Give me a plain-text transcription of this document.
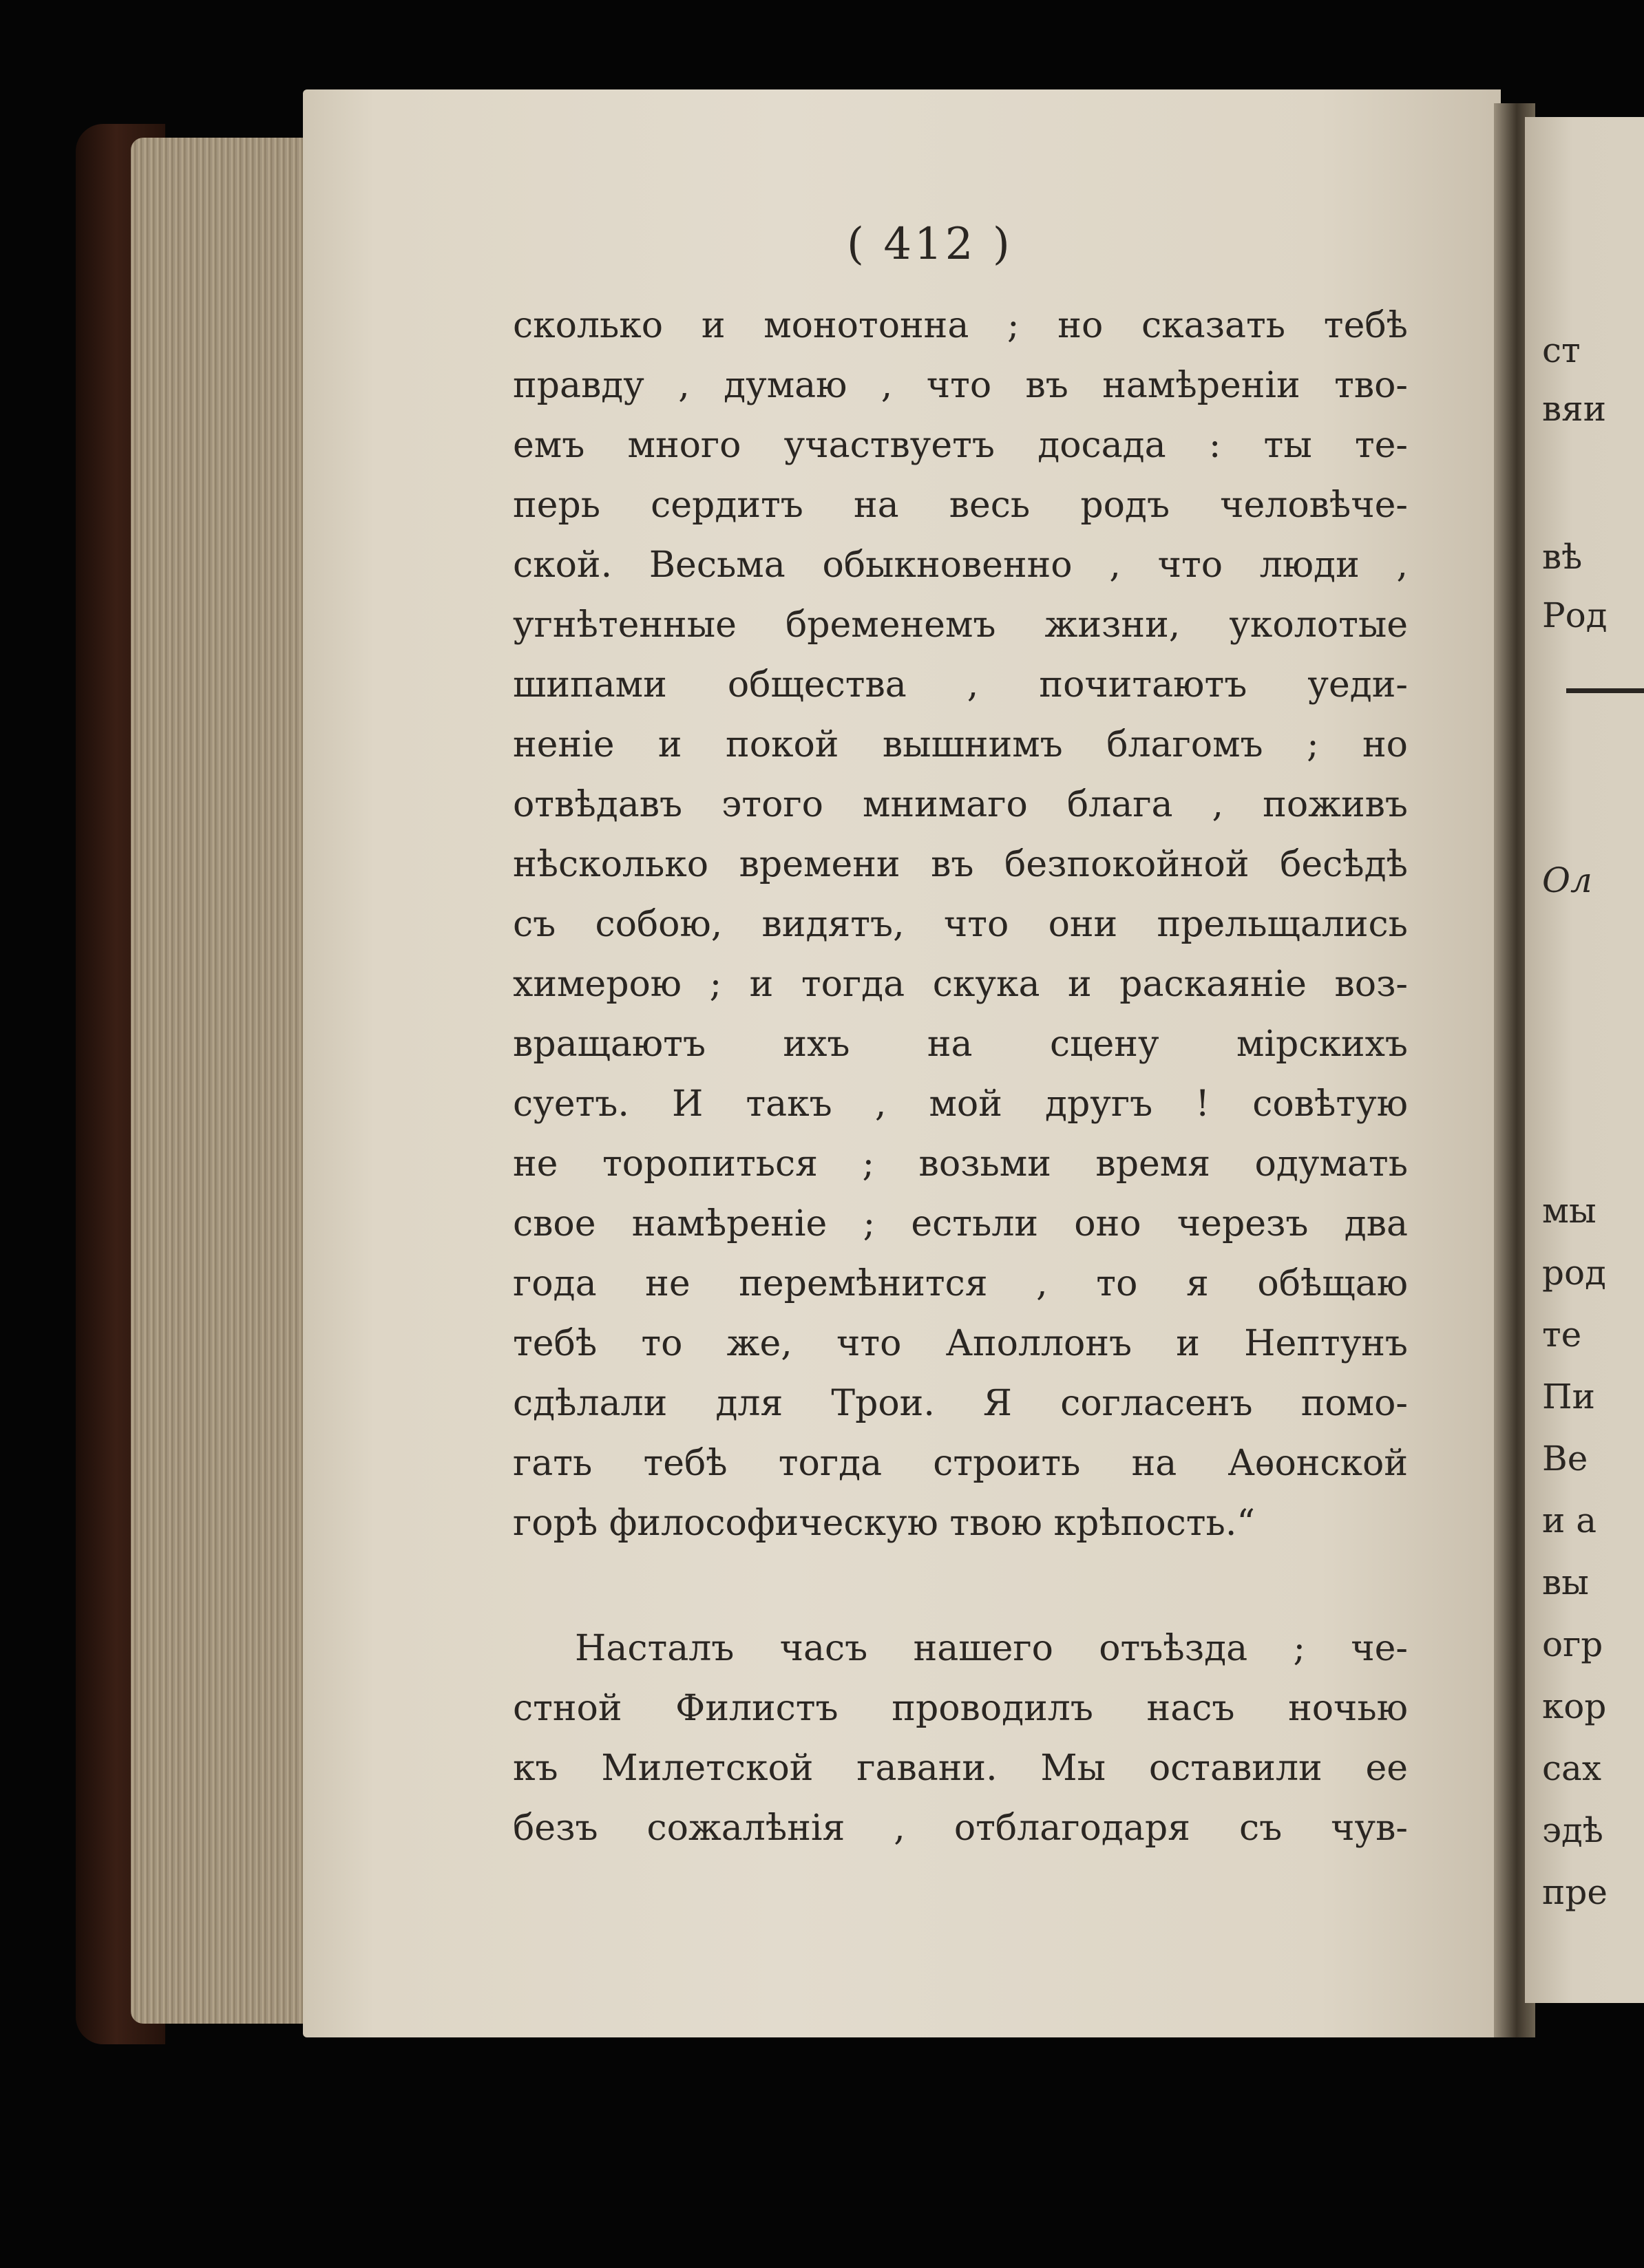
( 412 )
сколько и монотонна ; но сказать тебѣ
правду , думаю , что въ намѣреніи тво-
емъ много участвуетъ досада : ты те-
перь сердитъ на весь родъ человѣче-
ской. Весьма обыкновенно , что люди ,
угнѣтенные бременемъ жизни, уколотые
шипами общества , почитаютъ уеди-
неніе и покой вышнимъ благомъ ; но
отвѣдавъ этого мнимаго блага , поживъ
нѣсколько времени въ безпокойной бесѣдѣ
съ собою, видятъ, что они прельщались
химерою ; и тогда скука и раскаяніе воз-
вращаютъ ихъ на сцену мірскихъ
суетъ. И такъ , мой другъ ! совѣтую
не торопиться ; возьми время одумать
свое намѣреніе ; естьли оно черезъ два
года не перемѣнится , то я обѣщаю
тебѣ то же, что Аполлонъ и Нептунъ
сдѣлали для Трои. Я согласенъ помо-
гать тебѣ тогда строить на Аѳонской
горѣ философическую твою крѣпость.“
Насталъ часъ нашего отъѣзда ; че-
стной Филистъ проводилъ насъ ночью
къ Милетской гавани. Мы оставили ее
безъ сожалѣнія , отблагодаря съ чув-
ст
вяи
вѣ
Род
Ол
мы
род
те
Пи
Ве
и а
вы
огр
кор
сах
эдѣ
пре
